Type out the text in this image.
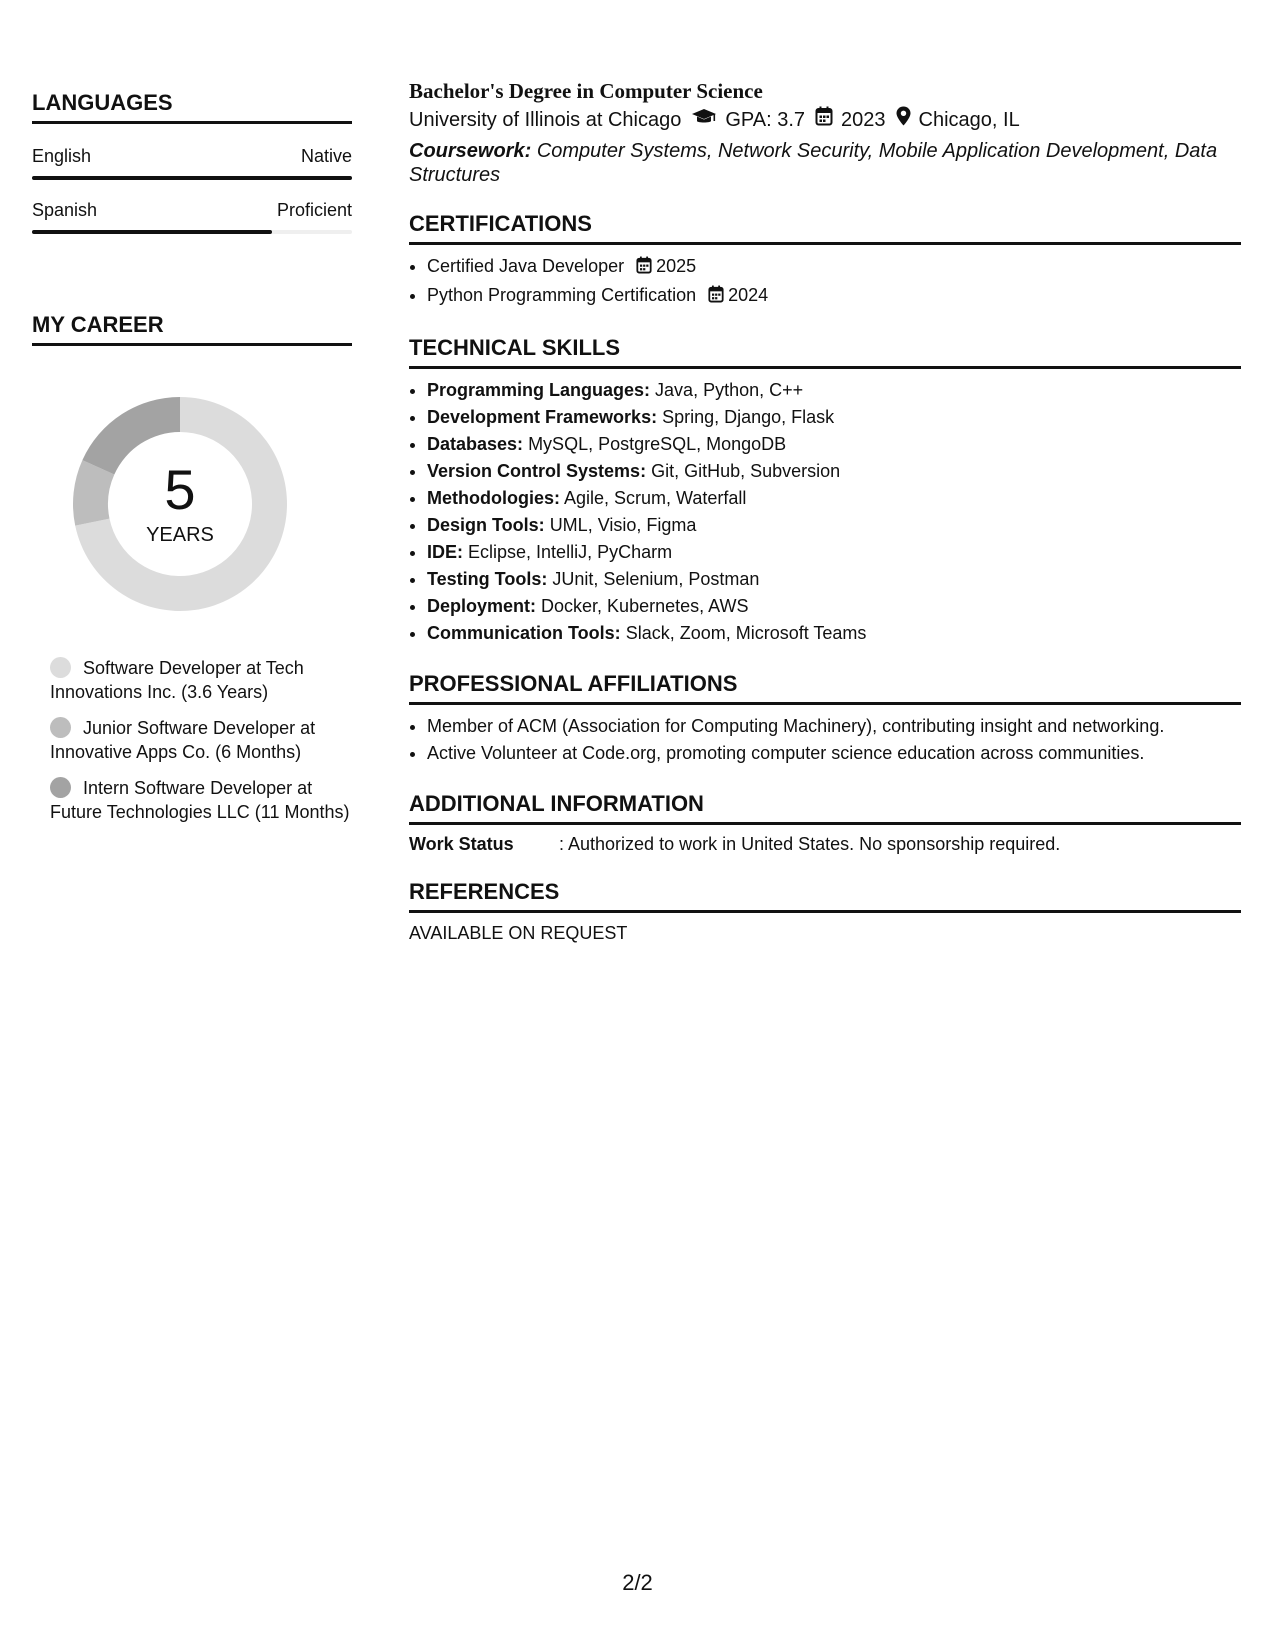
LANGUAGES
English	Native
Spanish	Proficient
MY CAREER
5
YEARS
Software Developer at Tech Innovations Inc. (3.6 Years)
Junior Software Developer at Innovative Apps Co. (6 Months)
Intern Software Developer at Future Technologies LLC (11 Months)
Bachelor's Degree in Computer Science
University of Illinois at Chicago GPA: 3.7 2023 Chicago, IL
Coursework: Computer Systems, Network Security, Mobile Application Development, Data Structures
CERTIFICATIONS
• Certified Java Developer 2025
• Python Programming Certification 2024
TECHNICAL SKILLS
• Programming Languages: Java, Python, C++
• Development Frameworks: Spring, Django, Flask
• Databases: MySQL, PostgreSQL, MongoDB
• Version Control Systems: Git, GitHub, Subversion
• Methodologies: Agile, Scrum, Waterfall
• Design Tools: UML, Visio, Figma
• IDE: Eclipse, IntelliJ, PyCharm
• Testing Tools: JUnit, Selenium, Postman
• Deployment: Docker, Kubernetes, AWS
• Communication Tools: Slack, Zoom, Microsoft Teams
PROFESSIONAL AFFILIATIONS
• Member of ACM (Association for Computing Machinery), contributing insight and networking.
• Active Volunteer at Code.org, promoting computer science education across communities.
ADDITIONAL INFORMATION
Work Status	: Authorized to work in United States. No sponsorship required.
REFERENCES
AVAILABLE ON REQUEST
2/2
